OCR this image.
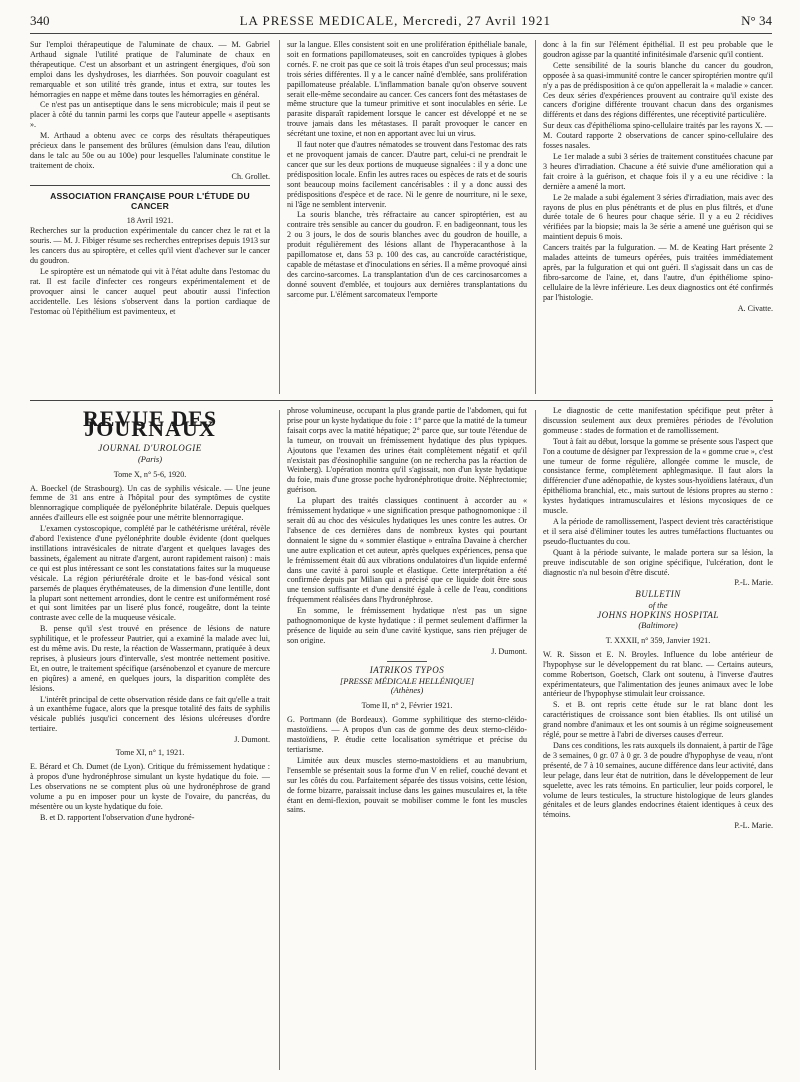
340	LA PRESSE MEDICALE, Mercredi, 27 Avril 1921	N° 34

Sur l'emploi thérapeutique de l'aluminate de chaux. — M. Gabriel Arthaud signale l'utilité pratique de l'aluminate de chaux en thérapeutique. C'est un absorbant et un astringent énergiques, d'où son emploi dans les dyshydroses, les diarrhées. Son pouvoir coagulant est remarquable et son utilité très grande, intus et extra, sur toutes les hémorragies en nappe et même dans toutes les hémorragies en général.

Ce n'est pas un antiseptique dans le sens microbicule; mais il peut se placer à côté du tannin parmi les corps que l'auteur appelle « aseptisants ».

M. Arthaud a obtenu avec ce corps des résultats thérapeutiques précieux dans le pansement des brûlures (émulsion dans l'eau, dilution dans le talc au 50e ou au 100e) pour lesquelles l'aluminate constitue le traitement de choix.

Ch. Grollet.

ASSOCIATION FRANÇAISE POUR L'ÉTUDE DU CANCER

18 Avril 1921.

Recherches sur la production expérimentale du cancer chez le rat et la souris. — M. J. Fibiger résume ses recherches entreprises depuis 1913 sur les cancers dus au spiroptère, et celles qu'il vient d'achever sur le cancer du goudron.

Le spiroptère est un nématode qui vit à l'état adulte dans l'estomac du rat. Il est facile d'infecter ces rongeurs expérimentalement et de provoquer ainsi le cancer auquel peut aboutir aussi l'infection accidentelle. Les lésions s'observent dans la portion cardiaque de l'estomac où l'épithélium est pavimenteux, et

sur la langue. Elles consistent soit en une prolifération épithéliale banale, soit en formations papillomateuses, soit en cancroïdes typiques à globes cornés. F. ne croit pas que ce soit là trois étapes d'un seul processus; mais trois séries différentes. Il y a le cancer naîné d'emblée, sans prolifération papillomateuse préalable. L'inflammation banale qu'on observe souvent serait elle-même secondaire au cancer. Ces cancers font des métastases de même structure que la tumeur primitive et sont inoculables en série. Le parasite disparaît rapidement lorsque le cancer est développé et ne se trouve jamais dans les métastases. Il paraît provoquer le cancer en sécrétant une toxine, et non en apportant avec lui un virus.

Il faut noter que d'autres nématodes se trouvent dans l'estomac des rats et ne provoquent jamais de cancer. D'autre part, celui-ci ne prendrait le cancer que sur les deux portions de muqueuse signalées : il y a donc une prédisposition locale. Enfin les autres races ou espèces de rats et de souris sont beaucoup moins facilement cancérisables : il y a donc aussi des prédispositions d'espèce et de race. Ni le genre de nourriture, ni le sexe, ni l'âge ne semblent intervenir.

La souris blanche, très réfractaire au cancer spiroptérien, est au contraire très sensible au cancer du goudron. F. en badigeonnant, tous les 2 ou 3 jours, le dos de souris blanches avec du goudron de houille, a produit régulièrement des lésions allant de l'hyperacanthose à la papillomatose et, dans 53 p. 100 des cas, au cancroïde caractéristique, capable de métastase et d'inoculations en séries. Il a même provoqué ainsi des carcino-sarcomes. La transplantation d'un de ces carcinosarcomes a donné souvent d'emblée, et toujours aux dernières transplantations du sarcome pur. L'élément sarcomateux l'emporte

donc à la fin sur l'élément épithélial. Il est peu probable que le goudron agisse par la quantité infinitésimale d'arsenic qu'il contient.

Cette sensibilité de la souris blanche du cancer du goudron, opposée à sa quasi-immunité contre le cancer spiroptérien montre qu'il n'y a pas de prédisposition à ce qu'on appellerait la « maladie » cancer. Ces deux séries d'expériences prouvent au contraire qu'il existe des cancers d'origine différente trouvant chacun dans des organismes différents et dans des régions différentes, une réceptivité particulière.

Sur deux cas d'épithélioma spino-cellulaire traités par les rayons X. — M. Coutard rapporte 2 observations de cancer spino-cellulaire des fosses nasales.

Le 1er malade a subi 3 séries de traitement constituées chacune par 3 heures d'irradiation. Chacune a été suivie d'une amélioration qui a fait croire à la guérison, et chaque fois il y a eu une récidive : la dernière a amené la mort.

Le 2e malade a subi également 3 séries d'irradiation, mais avec des rayons de plus en plus pénétrants et de plus en plus filtrés, et d'une durée totale de 6 heures pour chaque série. Il y a eu 2 récidives vérifiées par la biopsie; mais la 3e série a amené une guérison qui se maintient depuis 6 mois.

Cancers traités par la fulguration. — M. de Keating Hart présente 2 malades atteints de tumeurs opérées, puis traitées immédiatement après, par la fulguration et qui ont guéri. Il s'agissait dans un cas de fibro-sarcome de l'aine, et, dans l'autre, d'un épithéliome spino-cellulaire de la lèvre inférieure. Les deux diagnostics ont été confirmés par l'histologie.

A. Civatte.

REVUE DES JOURNAUX
JOURNAL D'UROLOGIE
(Paris)
Tome X, n° 5-6, 1920.

A. Boeckel (de Strasbourg). Un cas de syphilis vésicale. — Une jeune femme de 31 ans entre à l'hôpital pour des symptômes de cystite blennorragique compliquée de pyélonéphrite bilatérale. Depuis quelques années d'ailleurs elle est soignée pour une métrite blennorragique.

L'examen cystoscopique, complété par le cathétérisme urétéral, révèle d'abord l'existence d'une pyélonéphrite double évidente (dont quelques instillations intravésicales de nitrate d'argent et quelques lavages des bassinets, également au nitrate d'argent, auront rapidement raison) : mais ce qui est plus intéressant ce sont les constatations faites sur la muqueuse vésicale. La région périurétérale droite et le bas-fond vésical sont parsemés de plaques érythémateuses, de la dimension d'une lentille, dont la plupart sont nettement arrondies, dont le centre est uniformément rosé et qui sont limitées par un liseré plus foncé, rougeâtre, dont la teinte contraste avec celle de la muqueuse vésicale.

B. pense qu'il s'est trouvé en présence de lésions de nature syphilitique, et le professeur Pautrier, qui a examiné la malade avec lui, est du même avis. Du reste, la réaction de Wassermann, pratiquée à deux reprises, à plusieurs jours d'intervalle, s'est montrée nettement positive. Et, en outre, le traitement spécifique (arsénobenzol et cyanure de mercure en piqûres) a amené, en quelques jours, la disparition complète des lésions.

L'intérêt principal de cette observation réside dans ce fait qu'elle a trait à un exanthème fugace, alors que la presque totalité des faits de syphilis vésicale publiés jusqu'ici concernent des lésions ulcéreuses d'ordre tertiaire.

J. Dumont.

Tome XI, n° 1, 1921.

E. Bérard et Ch. Dumet (de Lyon). Critique du frémissement hydatique : à propos d'une hydronéphrose simulant un kyste hydatique du foie. — Les observations ne se comptent plus où une hydronéphrose de grand volume a pu en imposer pour un kyste de l'ovaire, du pancréas, du mésentère ou un kyste hydatique du foie.

B. et D. rapportent l'observation d'une hydroné-

phrose volumineuse, occupant la plus grande partie de l'abdomen, qui fut prise pour un kyste hydatique du foie : 1° parce que la matité de la tumeur faisait corps avec la matité hépatique; 2° parce que, sur toute l'étendue de la tumeur, on trouvait un frémissement hydatique des plus typiques. Ajoutons que l'examen des urines était complètement négatif et qu'il n'existait pas d'éosinophilie sanguine (on ne rechercha pas la réaction de Weinberg). L'opération montra qu'il s'agissait, non d'un kyste hydatique du foie, mais d'une grosse poche hydronéphrotique droite. Néphrectomie; guérison.

La plupart des traités classiques continuent à accorder au « frémissement hydatique » une signification presque pathognomonique : il serait dû au choc des vésicules hydatiques les unes contre les autres. Or l'absence de ces dernières dans de nombreux kystes qui pourtant donnaient le signe du « sommier élastique » entraîna Davaine à chercher une autre explication et cet auteur, après quelques expériences, pensa que le frémissement était dû aux vibrations ondulatoires d'un liquide enfermé dans une cavité à paroi souple et élastique. Cette interprétation a été confirmée depuis par Milian qui a précisé que ce liquide doit être sous une tension suffisante et d'une densité égale à celle de l'eau, conditions fréquemment réalisées dans l'hydronéphrose.

En somme, le frémissement hydatique n'est pas un signe pathognomonique de kyste hydatique : il permet seulement d'affirmer la présence de liquide au sein d'une cavité kystique, sans rien préjuger de son origine.

J. Dumont.

IATRIKOS TYPOS
[PRESSE MÉDICALE HELLÉNIQUE]
(Athènes)
Tome II, n° 2, Février 1921.

G. Portmann (de Bordeaux). Gomme syphilitique des sterno-cléido-mastoïdiens. — A propos d'un cas de gomme des deux sterno-cléido-mastoïdiens, P. étudie cette localisation symétrique et précise du tertiarisme.

Limitée aux deux muscles sterno-mastoïdiens et au manubrium, l'ensemble se présentait sous la forme d'un V en relief, couché devant et sur les côtés du cou. Parfaitement séparée des tissus voisins, cette lésion, de forme bizarre, paraissait incluse dans les gaines musculaires et, la tête étant en demi-flexion, pouvait se mobiliser comme le font les muscles sains.

Le diagnostic de cette manifestation spécifique peut prêter à discussion seulement aux deux premières périodes de l'évolution gommeuse : stades de formation et de ramollissement.

Tout à fait au début, lorsque la gomme se présente sous l'aspect que l'on a coutume de désigner par l'expression de la « gomme crue », c'est une tumeur de forme régulière, allongée comme le muscle, de consistance ferme, complètement aphlegmasique. Il faut alors la différencier d'une adénopathie, de kystes sous-hyoïdiens latéraux, d'un épithélioma branchial, etc., mais surtout de lésions propres au sterno : kystes hydatiques intramusculaires et lésions mycosiques de ce muscle.

A la période de ramollissement, l'aspect devient très caractéristique et il sera aisé d'éliminer toutes les autres tuméfactions fluctuantes ou pseudo-fluctuantes du cou.

Quant à la période suivante, le malade portera sur sa lésion, la preuve indiscutable de son origine spécifique, l'ulcération, dont le diagnostic n'a nul besoin d'être discuté.

P.-L. Marie.

BULLETIN
of the
JOHNS HOPKINS HOSPITAL
(Baltimore)
T. XXXII, n° 359, Janvier 1921.

W. R. Sisson et E. N. Broyles. Influence du lobe antérieur de l'hypophyse sur le développement du rat blanc. — Certains auteurs, comme Robertson, Goetsch, Clark ont soutenu, à l'inverse d'autres expérimentateurs, que l'alimentation des jeunes animaux avec le lobe antérieur de l'hypophyse stimulait leur croissance.

S. et B. ont repris cette étude sur le rat blanc dont les caractéristiques de croissance sont bien établies. Ils ont utilisé un grand nombre d'animaux et les ont soumis à un régime soigneusement réglé, pour se mettre à l'abri de diverses causes d'erreur.

Dans ces conditions, les rats auxquels ils donnaient, à partir de l'âge de 3 semaines, 0 gr. 07 à 0 gr. 3 de poudre d'hypophyse de veau, n'ont présenté, de 7 à 10 semaines, aucune différence dans leur activité, dans leur pelage, dans leur état de nutrition, dans le développement de leur squelette, avec les rats témoins. En particulier, leur poids corporel, le volume de leurs testicules, la structure histologique de leurs glandes génitales et de leurs glandes endocrines étaient identiques à ceux des témoins.

P.-L. Marie.
